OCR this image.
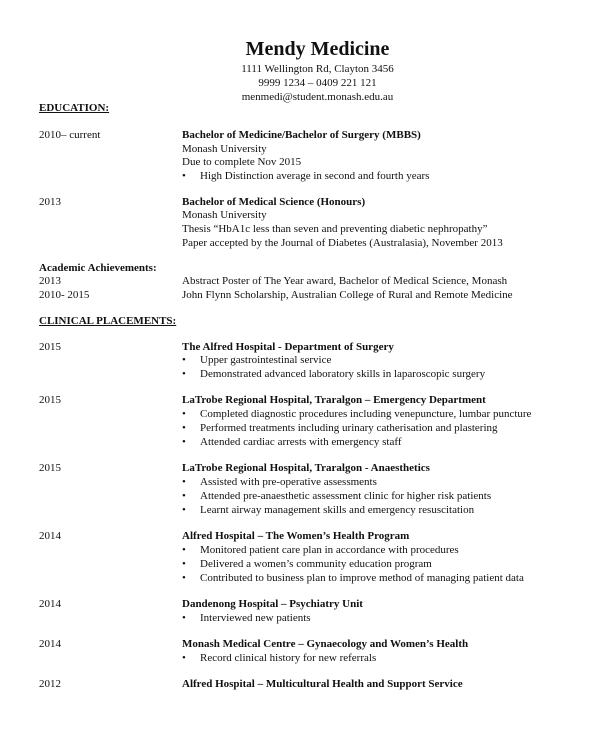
Mendy Medicine
1111 Wellington Rd, Clayton 3456
9999 1234 – 0409 221 121
menmedi@student.monash.edu.au
EDUCATION:
2010– current	Bachelor of Medicine/Bachelor of Surgery (MBBS)
Monash University
Due to complete Nov 2015
• High Distinction average in second and fourth years
2013	Bachelor of Medical Science (Honours)
Monash University
Thesis “HbA1c less than seven and preventing diabetic nephropathy”
Paper accepted by the Journal of Diabetes (Australasia), November 2013
Academic Achievements:
2013	Abstract Poster of The Year award, Bachelor of Medical Science, Monash
2010- 2015	John Flynn Scholarship, Australian College of Rural and Remote Medicine
CLINICAL PLACEMENTS:
2015	The Alfred Hospital - Department of Surgery
• Upper gastrointestinal service
• Demonstrated advanced laboratory skills in laparoscopic surgery
2015	LaTrobe Regional Hospital, Traralgon – Emergency Department
• Completed diagnostic procedures including venepuncture, lumbar puncture
• Performed treatments including urinary catherisation and plastering
• Attended cardiac arrests with emergency staff
2015	LaTrobe Regional Hospital, Traralgon - Anaesthetics
• Assisted with pre-operative assessments
• Attended pre-anaesthetic assessment clinic for higher risk patients
• Learnt airway management skills and emergency resuscitation
2014	Alfred Hospital – The Women’s Health Program
• Monitored patient care plan in accordance with procedures
• Delivered a women’s community education program
• Contributed to business plan to improve method of managing patient data
2014	Dandenong Hospital – Psychiatry Unit
• Interviewed new patients
2014	Monash Medical Centre – Gynaecology and Women’s Health
• Record clinical history for new referrals
2012	Alfred Hospital – Multicultural Health and Support Service
